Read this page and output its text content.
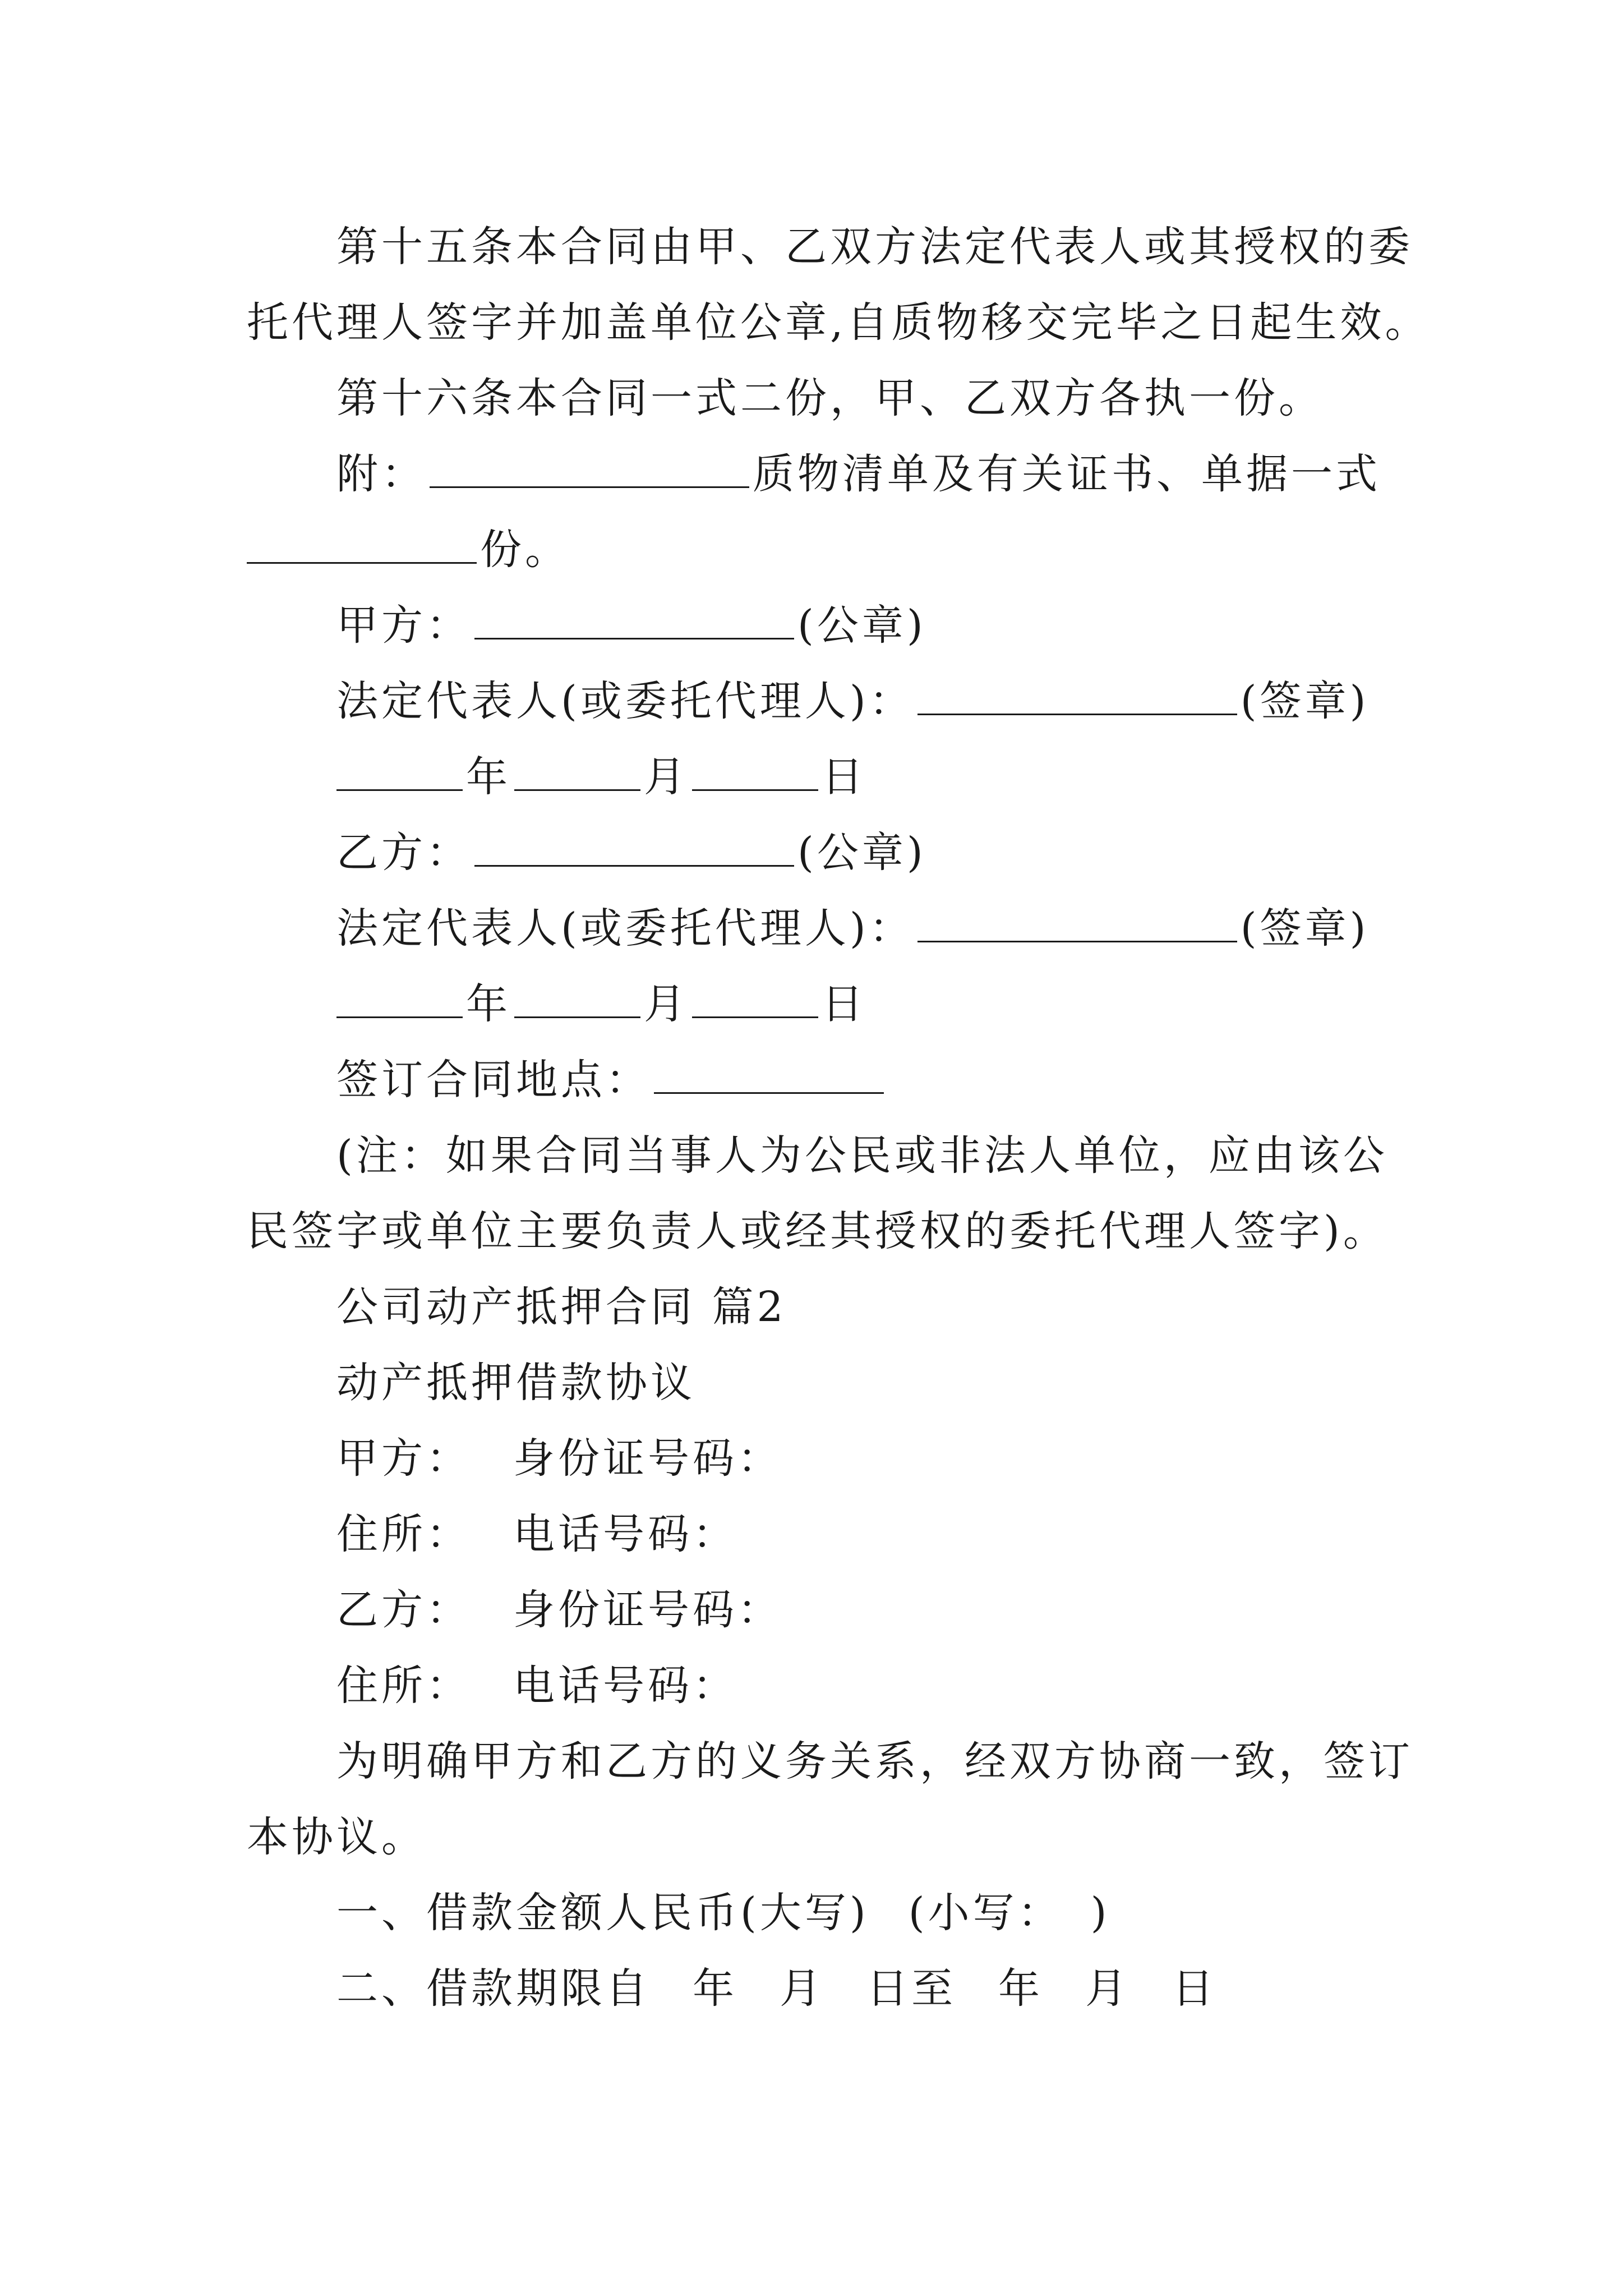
第十五条本合同由甲、乙双方法定代表人或其授权的委
托代理人签字并加盖单位公章,自质物移交完毕之日起生效。
第十六条本合同一式二份，甲、乙双方各执一份。
附：	质物清单及有关证书、单据一式
份。
甲方：	(公章)
法定代表人(或委托代理人)：	(签章)
年	月	日
乙方：	(公章)
法定代表人(或委托代理人)：	(签章)
年	月	日
签订合同地点：
(注：如果合同当事人为公民或非法人单位，应由该公
民签字或单位主要负责人或经其授权的委托代理人签字)。
公司动产抵押合同 篇2
动产抵押借款协议
甲方： 身份证号码：
住所： 电话号码：
乙方： 身份证号码：
住所： 电话号码：
为明确甲方和乙方的义务关系，经双方协商一致，签订
本协议。
一、借款金额人民币(大写) (小写： )
二、借款期限自 年 月 日至 年 月 日
